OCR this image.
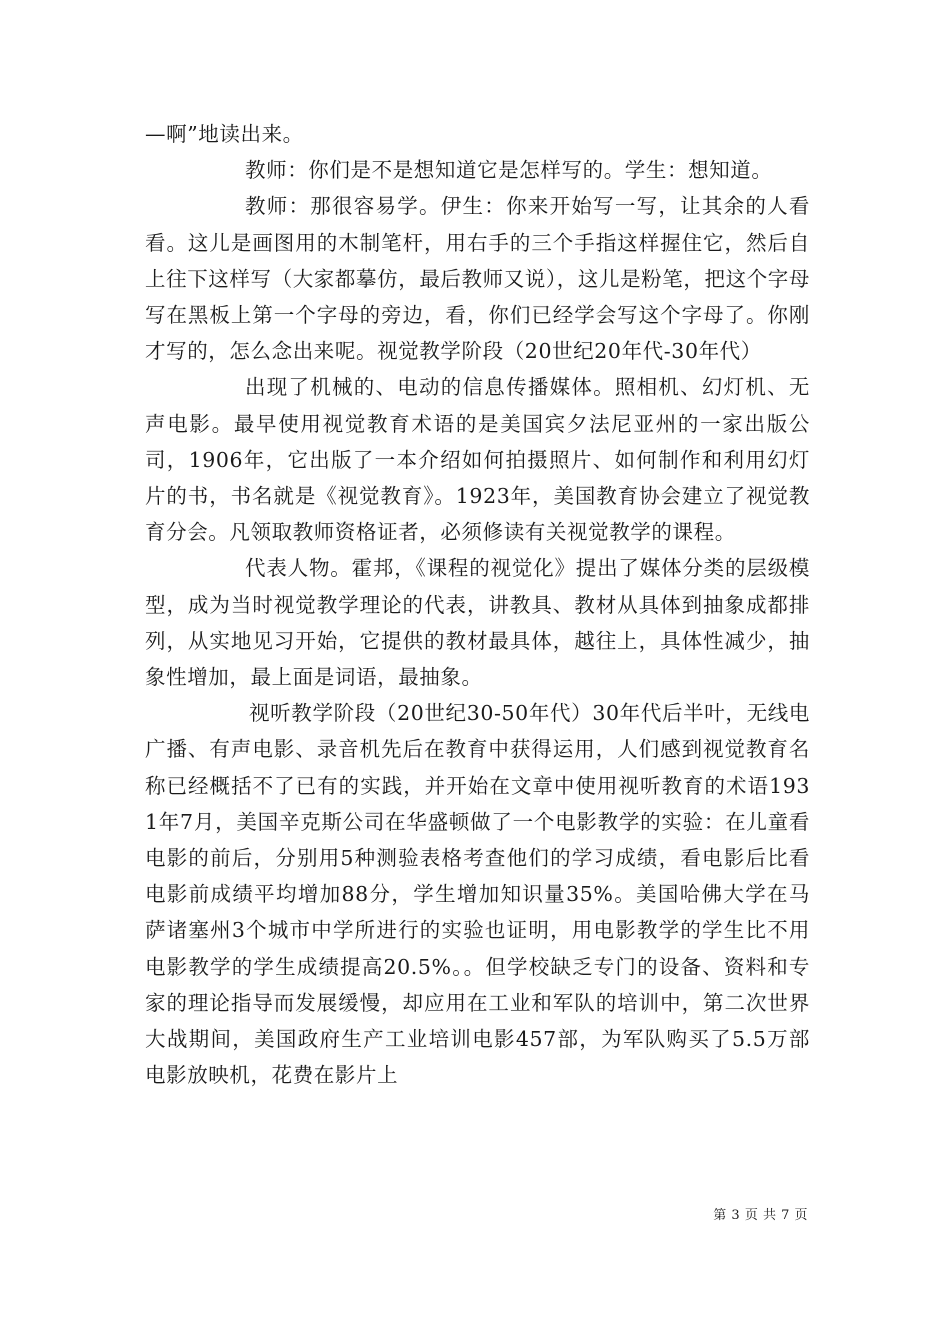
—啊”地读出来。

教师：你们是不是想知道它是怎样写的。学生：想知道。

教师：那很容易学。伊生：你来开始写一写，让其余的人看看。这儿是画图用的木制笔杆，用右手的三个手指这样握住它，然后自上往下这样写（大家都摹仿，最后教师又说），这儿是粉笔，把这个字母写在黑板上第一个字母的旁边，看，你们已经学会写这个字母了。你刚才写的，怎么念出来呢。视觉教学阶段（20世纪20年代-30年代）

出现了机械的、电动的信息传播媒体。照相机、幻灯机、无声电影。最早使用视觉教育术语的是美国宾夕法尼亚州的一家出版公司，1906年，它出版了一本介绍如何拍摄照片、如何制作和利用幻灯片的书，书名就是《视觉教育》。1923年，美国教育协会建立了视觉教育分会。凡领取教师资格证者，必须修读有关视觉教学的课程。

代表人物。霍邦，《课程的视觉化》提出了媒体分类的层级模型，成为当时视觉教学理论的代表，讲教具、教材从具体到抽象成都排列，从实地见习开始，它提供的教材最具体，越往上，具体性减少，抽象性增加，最上面是词语，最抽象。

视听教学阶段（20世纪30-50年代）30年代后半叶，无线电广播、有声电影、录音机先后在教育中获得运用，人们感到视觉教育名称已经概括不了已有的实践，并开始在文章中使用视听教育的术语1931年7月，美国辛克斯公司在华盛顿做了一个电影教学的实验：在儿童看电影的前后，分别用5种测验表格考查他们的学习成绩，看电影后比看电影前成绩平均增加88分，学生增加知识量35%。美国哈佛大学在马萨诸塞州3个城市中学所进行的实验也证明，用电影教学的学生比不用电影教学的学生成绩提高20.5%。。但学校缺乏专门的设备、资料和专家的理论指导而发展缓慢，却应用在工业和军队的培训中，第二次世界大战期间，美国政府生产工业培训电影457部，为军队购买了5.5万部电影放映机，花费在影片上

第 3 页 共 7 页
